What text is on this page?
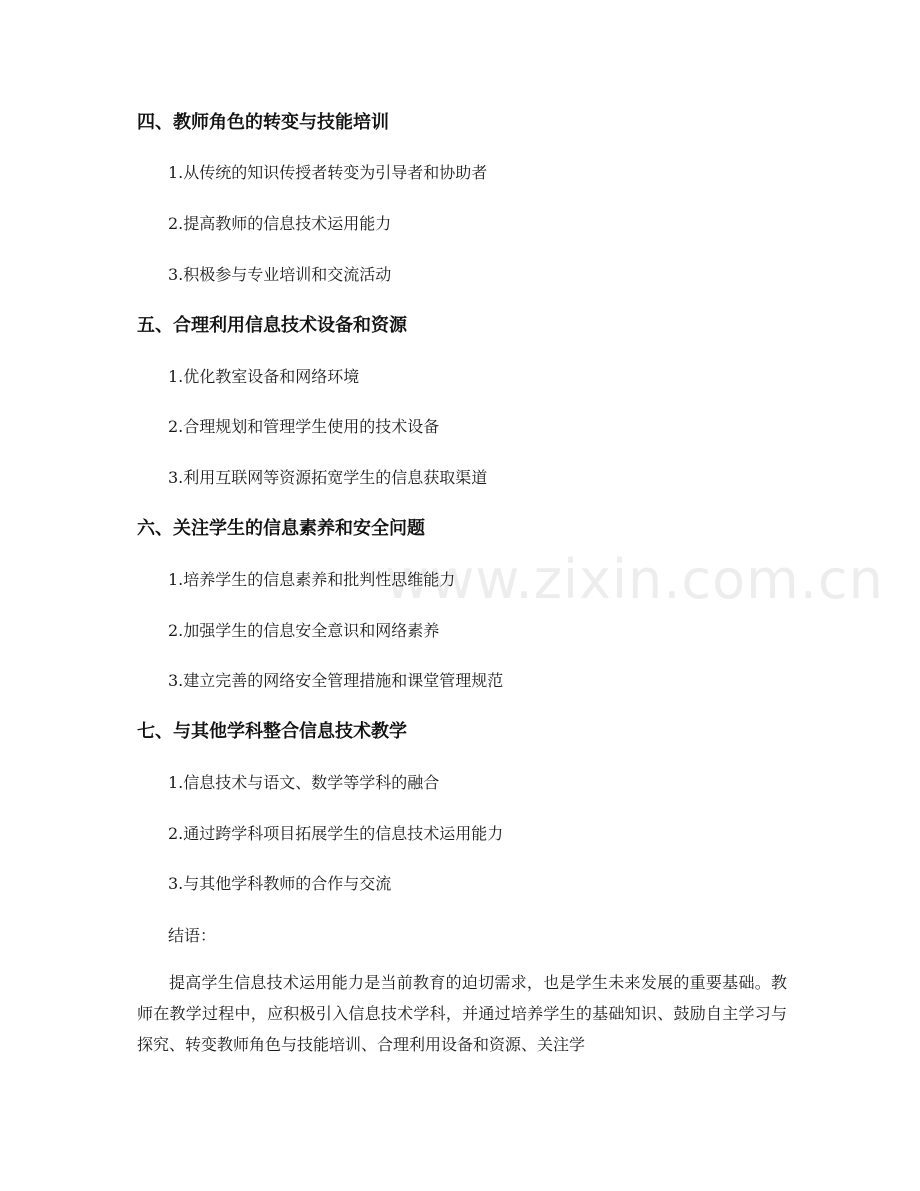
www.zixin.com.cn
四、教师角色的转变与技能培训
1.从传统的知识传授者转变为引导者和协助者
2.提高教师的信息技术运用能力
3.积极参与专业培训和交流活动
五、合理利用信息技术设备和资源
1.优化教室设备和网络环境
2.合理规划和管理学生使用的技术设备
3.利用互联网等资源拓宽学生的信息获取渠道
六、关注学生的信息素养和安全问题
1.培养学生的信息素养和批判性思维能力
2.加强学生的信息安全意识和网络素养
3.建立完善的网络安全管理措施和课堂管理规范
七、与其他学科整合信息技术教学
1.信息技术与语文、数学等学科的融合
2.通过跨学科项目拓展学生的信息技术运用能力
3.与其他学科教师的合作与交流
结语：
提高学生信息技术运用能力是当前教育的迫切需求，也是学生未来发展的重要基础。教师在教学过程中，应积极引入信息技术学科，并通过培养学生的基础知识、鼓励自主学习与探究、转变教师角色与技能培训、合理利用设备和资源、关注学
